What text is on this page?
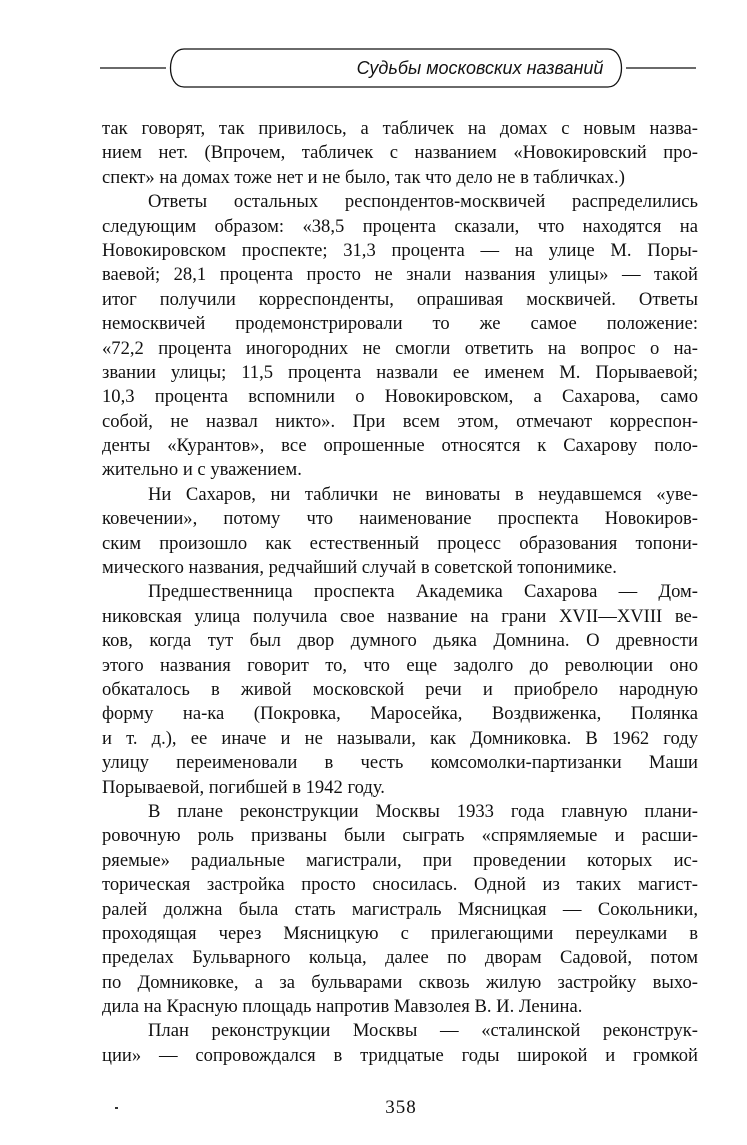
Судьбы московских названий
так говорят, так привилось, а табличек на домах с новым назва-
нием нет. (Впрочем, табличек с названием «Новокировский про-
спект» на домах тоже нет и не было, так что дело не в табличках.)
Ответы остальных респондентов-москвичей распределились
следующим образом: «38,5 процента сказали, что находятся на
Новокировском проспекте; 31,3 процента — на улице М. Поры-
ваевой; 28,1 процента просто не знали названия улицы» — такой
итог получили корреспонденты, опрашивая москвичей. Ответы
немосквичей продемонстрировали то же самое положение:
«72,2 процента иногородних не смогли ответить на вопрос о на-
звании улицы; 11,5 процента назвали ее именем М. Порываевой;
10,3 процента вспомнили о Новокировском, а Сахарова, само
собой, не назвал никто». При всем этом, отмечают корреспон-
денты «Курантов», все опрошенные относятся к Сахарову поло-
жительно и с уважением.
Ни Сахаров, ни таблички не виноваты в неудавшемся «уве-
ковечении», потому что наименование проспекта Новокиров-
ским произошло как естественный процесс образования топони-
мического названия, редчайший случай в советской топонимике.
Предшественница проспекта Академика Сахарова — Дом-
никовская улица получила свое название на грани XVII—XVIII ве-
ков, когда тут был двор думного дьяка Домнина. О древности
этого названия говорит то, что еще задолго до революции оно
обкаталось в живой московской речи и приобрело народную
форму на-ка (Покровка, Маросейка, Воздвиженка, Полянка
и т. д.), ее иначе и не называли, как Домниковка. В 1962 году
улицу переименовали в честь комсомолки-партизанки Маши
Порываевой, погибшей в 1942 году.
В плане реконструкции Москвы 1933 года главную плани-
ровочную роль призваны были сыграть «спрямляемые и расши-
ряемые» радиальные магистрали, при проведении которых ис-
торическая застройка просто сносилась. Одной из таких магист-
ралей должна была стать магистраль Мясницкая — Сокольники,
проходящая через Мясницкую с прилегающими переулками в
пределах Бульварного кольца, далее по дворам Садовой, потом
по Домниковке, а за бульварами сквозь жилую застройку выхо-
дила на Красную площадь напротив Мавзолея В. И. Ленина.
План реконструкции Москвы — «сталинской реконструк-
ции» — сопровождался в тридцатые годы широкой и громкой
358
